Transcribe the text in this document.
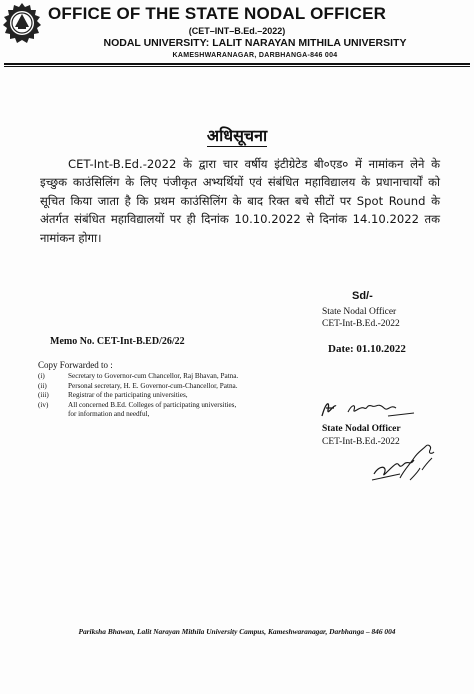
OFFICE OF THE STATE NODAL OFFICER
(CET–INT–B.Ed.–2022)
NODAL UNIVERSITY: LALIT NARAYAN MITHILA UNIVERSITY
KAMESHWARANAGAR, DARBHANGA-846 004
अधिसूचना
CET-Int-B.Ed.-2022 के द्वारा चार वर्षीय इंटीग्रेटेड बी०एड० में नामांकन लेने के इच्छुक काउंसिलिंग के लिए पंजीकृत अभ्यर्थियों एवं संबंधित महाविद्यालय के प्रधानाचार्यों को सूचित किया जाता है कि प्रथम काउंसिलिंग के बाद रिक्त बचे सीटों पर Spot Round के अंतर्गत संबंधित महाविद्यालयों पर ही दिनांक 10.10.2022 से दिनांक 14.10.2022 तक नामांकन होगा।
Sd/-
State Nodal Officer
CET-Int-B.Ed.-2022
Memo No. CET-Int-B.ED/26/22
Date: 01.10.2022
Copy Forwarded to :
(i)	Secretary to Governor-cum Chancellor, Raj Bhavan, Patna.
(ii)	Personal secretary, H. E. Governor-cum-Chancellor, Patna.
(iii)	Registrar of the participating universities,
(iv)	All concerned B.Ed. Colleges of participating universities,
for information and needful,
State Nodal Officer
CET-Int-B.Ed.-2022
Pariksha Bhawan, Lalit Narayan Mithila University Campus, Kameshwaranagar, Darbhanga – 846 004
